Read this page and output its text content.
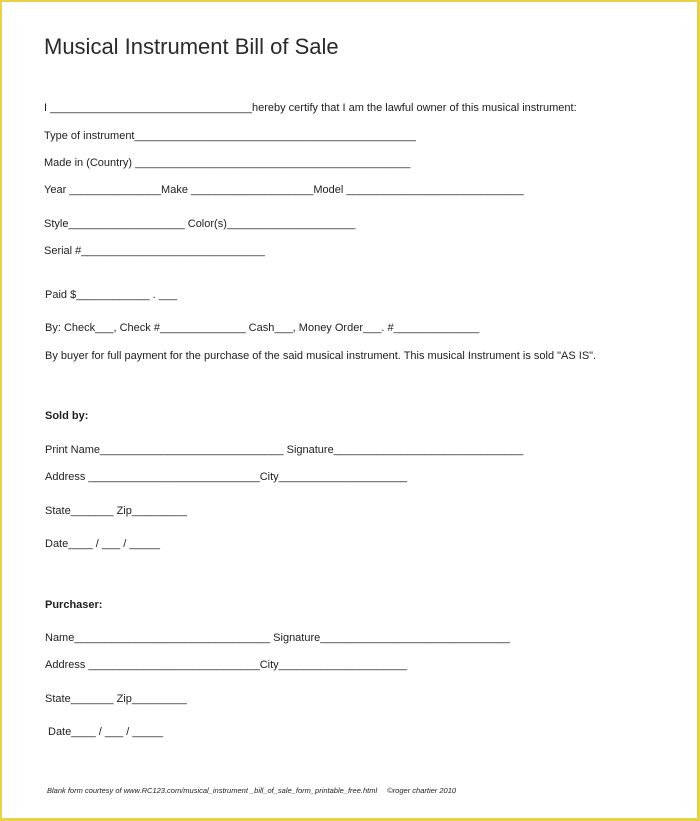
Musical Instrument Bill of Sale
I _________________________________hereby certify that I am the lawful owner of this musical instrument:
Type of instrument______________________________________________
Made in (Country) _____________________________________________
Year _______________Make ____________________Model _____________________________
Style___________________ Color(s)_____________________
Serial #______________________________
Paid $____________ . ___
By: Check___, Check #______________ Cash___, Money Order___. #______________
By buyer for full payment for the purchase of the said musical instrument. This musical Instrument is sold "AS IS".
Sold by:
Print Name______________________________ Signature_______________________________
Address ____________________________City_____________________
State_______ Zip_________
Date____ / ___ / _____
Purchaser:
Name________________________________ Signature_______________________________
Address ____________________________City_____________________
State_______ Zip_________
Date____ / ___ / _____
Blank form courtesy of www.RC123.com/musical_instrument _bill_of_sale_form_printable_free.html ©roger chartier 2010
